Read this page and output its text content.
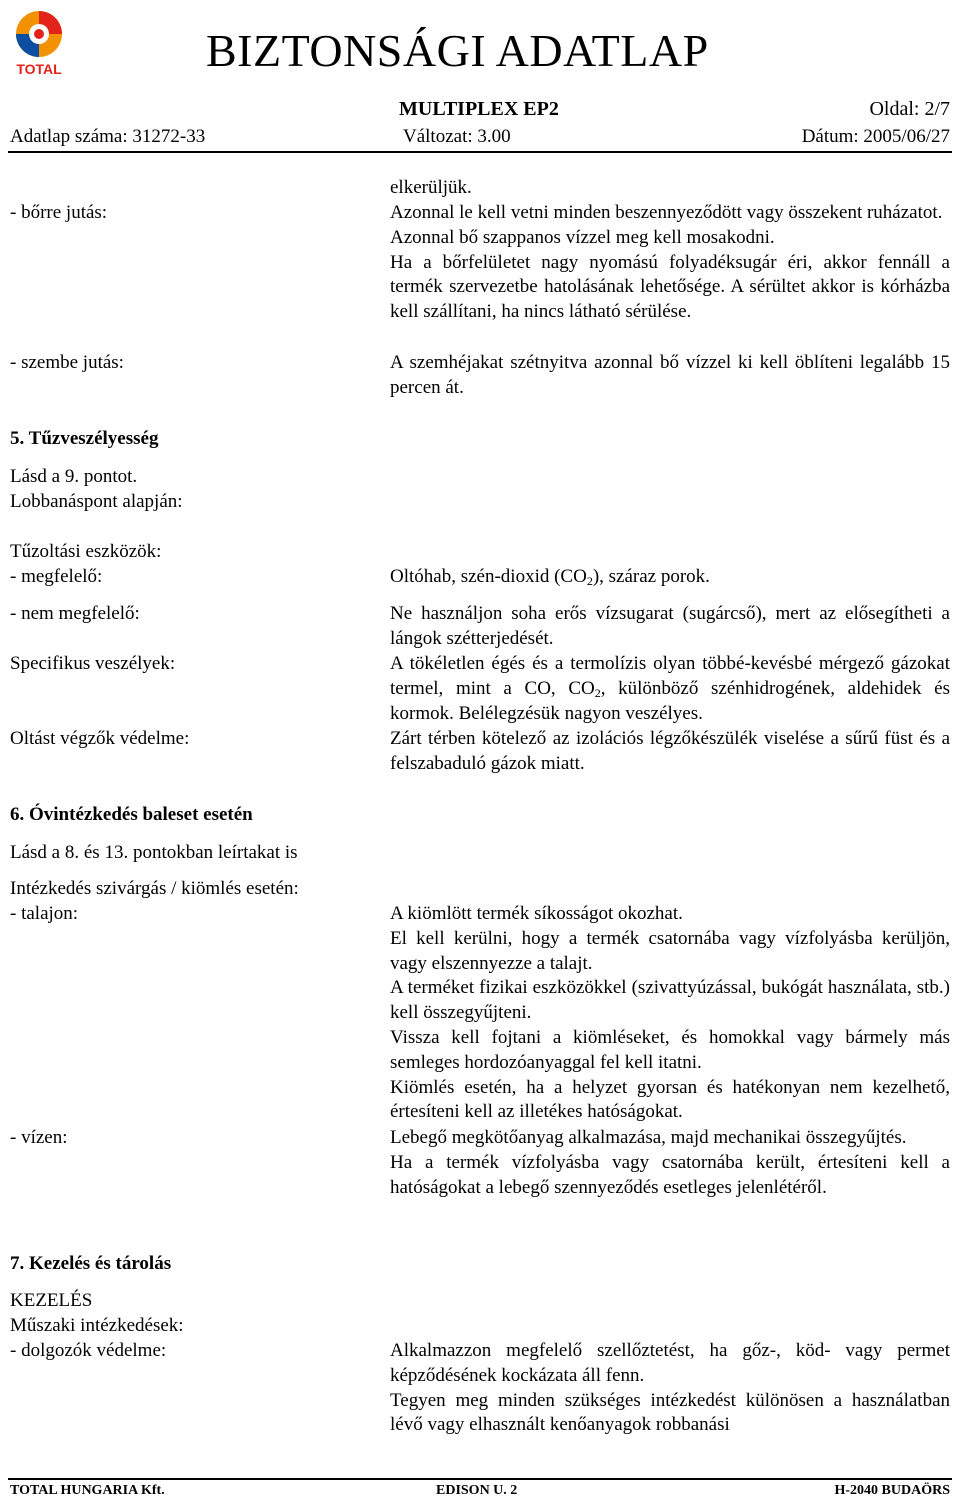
TOTAL	BIZTONSÁGI ADATLAP
MULTIPLEX EP2	Oldal: 2/7
Adatlap száma: 31272-33	Változat: 3.00	Dátum: 2005/06/27
elkerüljük.
- bőrre jutás:	Azonnal le kell vetni minden beszennyeződött vagy összekent ruházatot.
Azonnal bő szappanos vízzel meg kell mosakodni.
Ha a bőrfelületet nagy nyomású folyadéksugár éri, akkor fennáll a termék szervezetbe hatolásának lehetősége. A sérültet akkor is kórházba kell szállítani, ha nincs látható sérülése.
- szembe jutás:	A szemhéjakat szétnyitva azonnal bő vízzel ki kell öblíteni legalább 15 percen át.
5. Tűzveszélyesség
Lásd a 9. pontot.
Lobbanáspont alapján:
Tűzoltási eszközök:
- megfelelő:	Oltóhab, szén-dioxid $(CO_2)$, száraz porok.
- nem megfelelő:	Ne használjon soha erős vízsugarat (sugárcső), mert az elősegítheti a lángok szétterjedését.
Specifikus veszélyek:	A tökéletlen égés és a termolízis olyan többé-kevésbé mérgező gázokat termel, mint a CO, $CO_2$, különböző szénhidrogének, aldehidek és kormok. Belélegzésük nagyon veszélyes.
Oltást végzők védelme:	Zárt térben kötelező az izolációs légzőkészülék viselése a sűrű füst és a felszabaduló gázok miatt.
6. Óvintézkedés baleset esetén
Lásd a 8. és 13. pontokban leírtakat is
Intézkedés szivárgás / kiömlés esetén:
- talajon:	A kiömlött termék síkosságot okozhat.
El kell kerülni, hogy a termék csatornába vagy vízfolyásba kerüljön, vagy elszennyezze a talajt.
A terméket fizikai eszközökkel (szivattyúzással, bukógát használata, stb.) kell összegyűjteni.
Vissza kell fojtani a kiömléseket, és homokkal vagy bármely más semleges hordozóanyaggal fel kell itatni.
Kiömlés esetén, ha a helyzet gyorsan és hatékonyan nem kezelhető, értesíteni kell az illetékes hatóságokat.
- vízen:	Lebegő megkötőanyag alkalmazása, majd mechanikai összegyűjtés.
Ha a termék vízfolyásba vagy csatornába került, értesíteni kell a hatóságokat a lebegő szennyeződés esetleges jelenlétéről.
7. Kezelés és tárolás
KEZELÉS
Műszaki intézkedések:
- dolgozók védelme:	Alkalmazzon megfelelő szellőztetést, ha gőz-, köd- vagy permet képződésének kockázata áll fenn.
Tegyen meg minden szükséges intézkedést különösen a használatban lévő vagy elhasznált kenőanyagok robbanási
TOTAL HUNGARIA Kft.	EDISON U. 2	H-2040 BUDAÖRS
